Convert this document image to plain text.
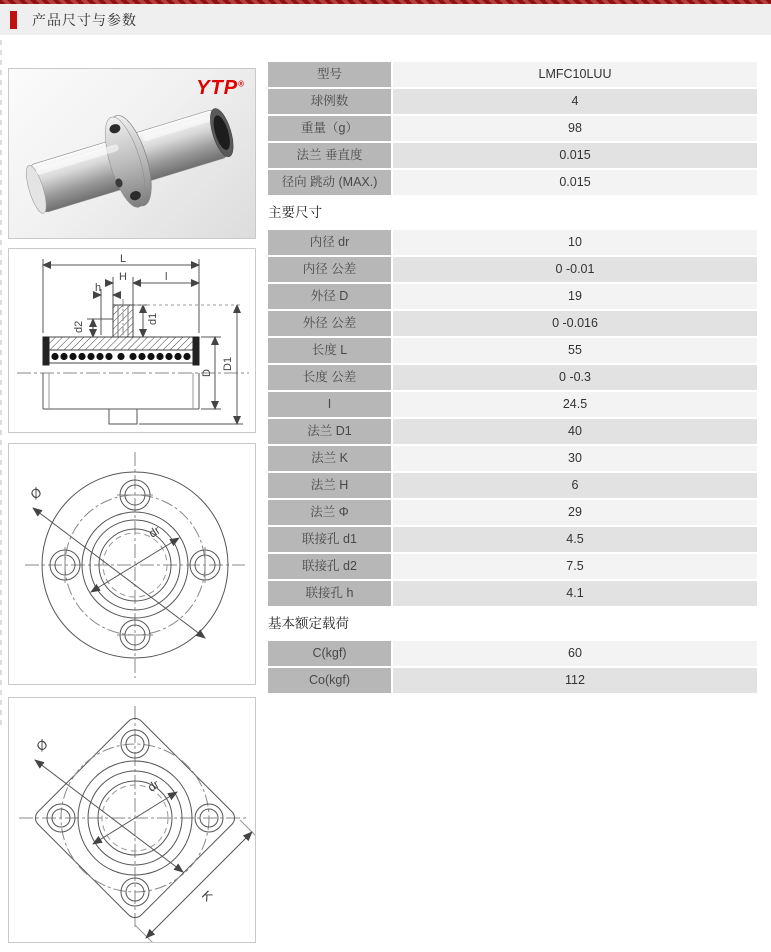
产品尺寸与参数
YTP®
L
H	l
h
d1
d2
D
D1
Ø
dr
Ø
dr
K
型号	LMFC10LUU
球例数	4
重量（g）	98
法兰 垂直度	0.015
径向 跳动 (MAX.)	0.015
主要尺寸
内径 dr	10
内径 公差	0 -0.01
外径 D	19
外径 公差	0 -0.016
长度 L	55
长度 公差	0 -0.3
I	24.5
法兰 D1	40
法兰 K	30
法兰 H	6
法兰 Φ	29
联接孔 d1	4.5
联接孔 d2	7.5
联接孔 h	4.1
基本额定载荷
C(kgf)	60
Co(kgf)	112
